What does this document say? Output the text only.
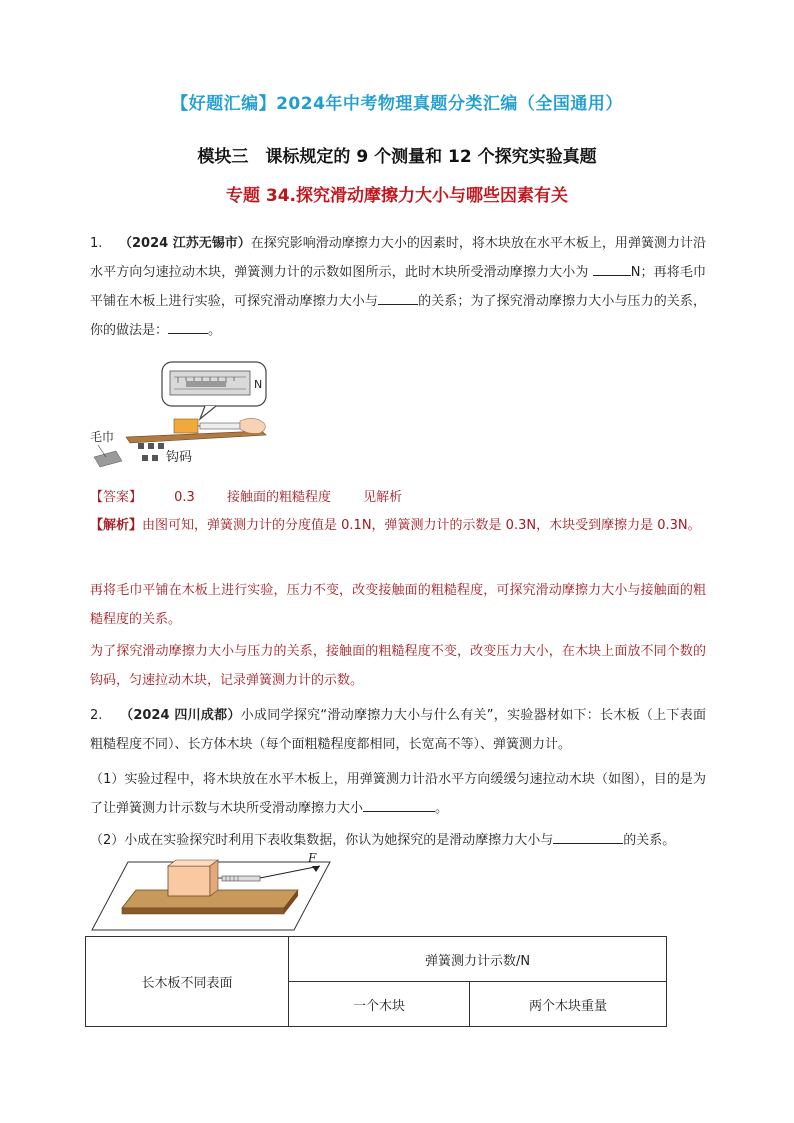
【好题汇编】2024年中考物理真题分类汇编（全国通用）
模块三　课标规定的 9 个测量和 12 个探究实验真题
专题 34.探究滑动摩擦力大小与哪些因素有关
1. （2024 江苏无锡市）在探究影响滑动摩擦力大小的因素时，将木块放在水平木板上，用弹簧测力计沿水平方向匀速拉动木块，弹簧测力计的示数如图所示，此时木块所受滑动摩擦力大小为	N；再将毛巾平铺在木板上进行实验，可探究滑动摩擦力大小与	的关系；为了探究滑动摩擦力大小与压力的关系，你的做法是：	。
N
毛巾
钩码
【答案】 0.3 接触面的粗糙程度 见解析
【解析】由图可知，弹簧测力计的分度值是 0.1N，弹簧测力计的示数是 0.3N，木块受到摩擦力是 0.3N。
再将毛巾平铺在木板上进行实验，压力不变，改变接触面的粗糙程度，可探究滑动摩擦力大小与接触面的粗糙程度的关系。
为了探究滑动摩擦力大小与压力的关系，接触面的粗糙程度不变，改变压力大小，在木块上面放不同个数的钩码，匀速拉动木块，记录弹簧测力计的示数。
2. （2024 四川成都）小成同学探究“滑动摩擦力大小与什么有关”，实验器材如下：长木板（上下表面粗糙程度不同）、长方体木块（每个面粗糙程度都相同，长宽高不等）、弹簧测力计。
（1）实验过程中，将木块放在水平木板上，用弹簧测力计沿水平方向缓缓匀速拉动木块（如图），目的是为了让弹簧测力计示数与木块所受滑动摩擦力大小	。
（2）小成在实验探究时利用下表收集数据，你认为她探究的是滑动摩擦力大小与	的关系。
F
长木板不同表面	弹簧测力计示数/N	
	一个木块	两个木块重量
